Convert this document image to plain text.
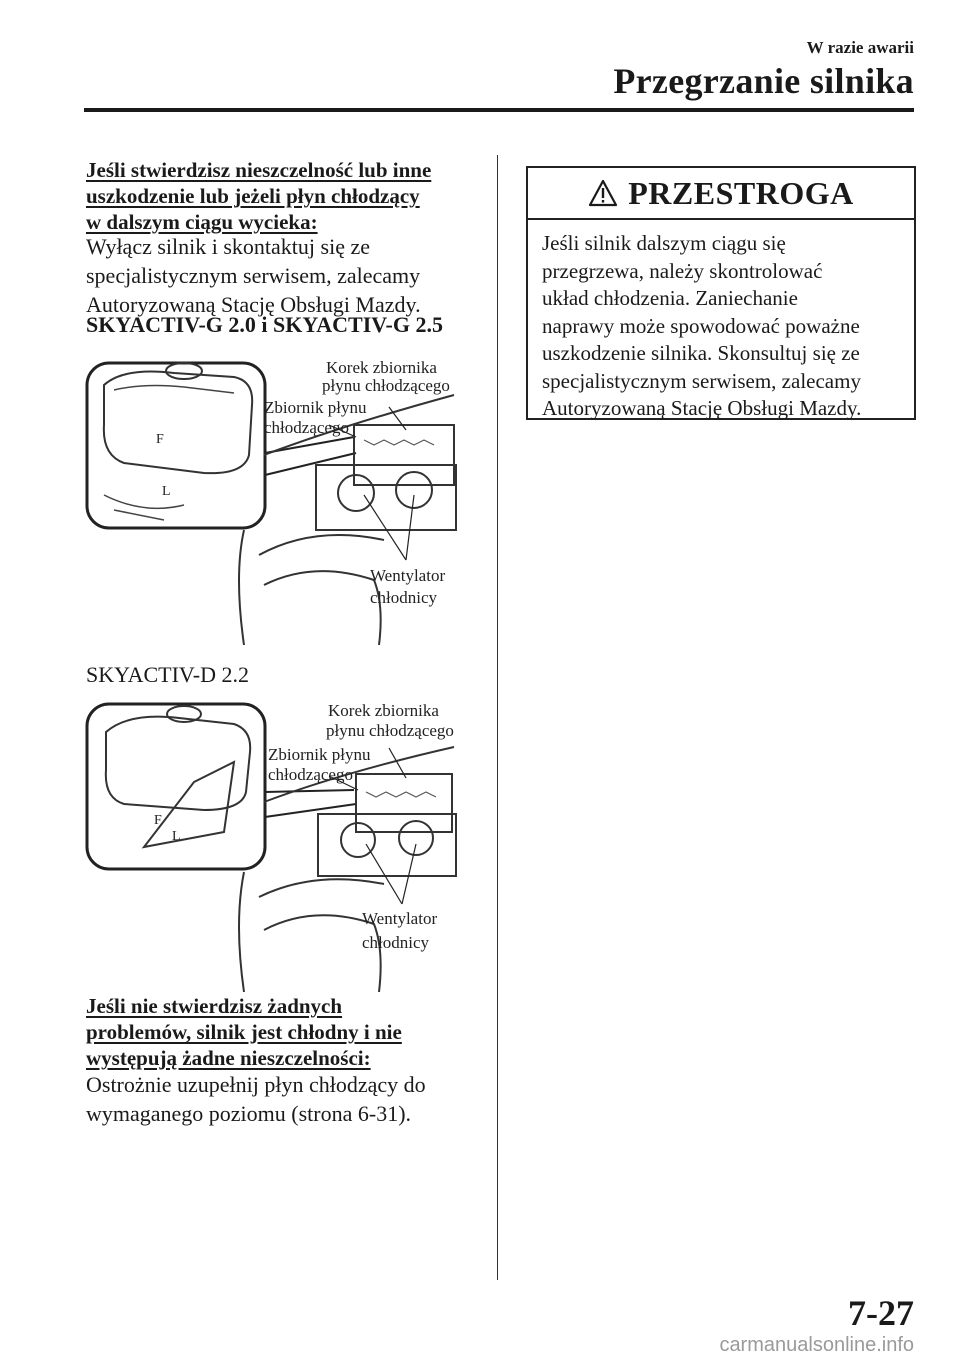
W razie awarii
Przegrzanie silnika
Jeśli stwierdzisz nieszczelność lub inne
uszkodzenie lub jeżeli płyn chłodzący
w dalszym ciągu wycieka:
Wyłącz silnik i skontaktuj się ze
specjalistycznym serwisem, zalecamy
Autoryzowaną Stację Obsługi Mazdy.
SKYACTIV-G 2.0 i SKYACTIV-G 2.5
F
L
Korek zbiornika płynu chłodzącego
Zbiornik płynu chłodzącego
Wentylator chłodnicy
SKYACTIV-D 2.2
F
L
Korek zbiornika płynu chłodzącego
Zbiornik płynu chłodzącego
Wentylator chłodnicy
Jeśli nie stwierdzisz żadnych
problemów, silnik jest chłodny i nie
występują żadne nieszczelności:
Ostrożnie uzupełnij płyn chłodzący do
wymaganego poziomu (strona 6-31).
PRZESTROGA
Jeśli silnik dalszym ciągu się
przegrzewa, należy skontrolować
układ chłodzenia. Zaniechanie
naprawy może spowodować poważne
uszkodzenie silnika. Skonsultuj się ze
specjalistycznym serwisem, zalecamy
Autoryzowaną Stację Obsługi Mazdy.
7-27
carmanualsonline.info
